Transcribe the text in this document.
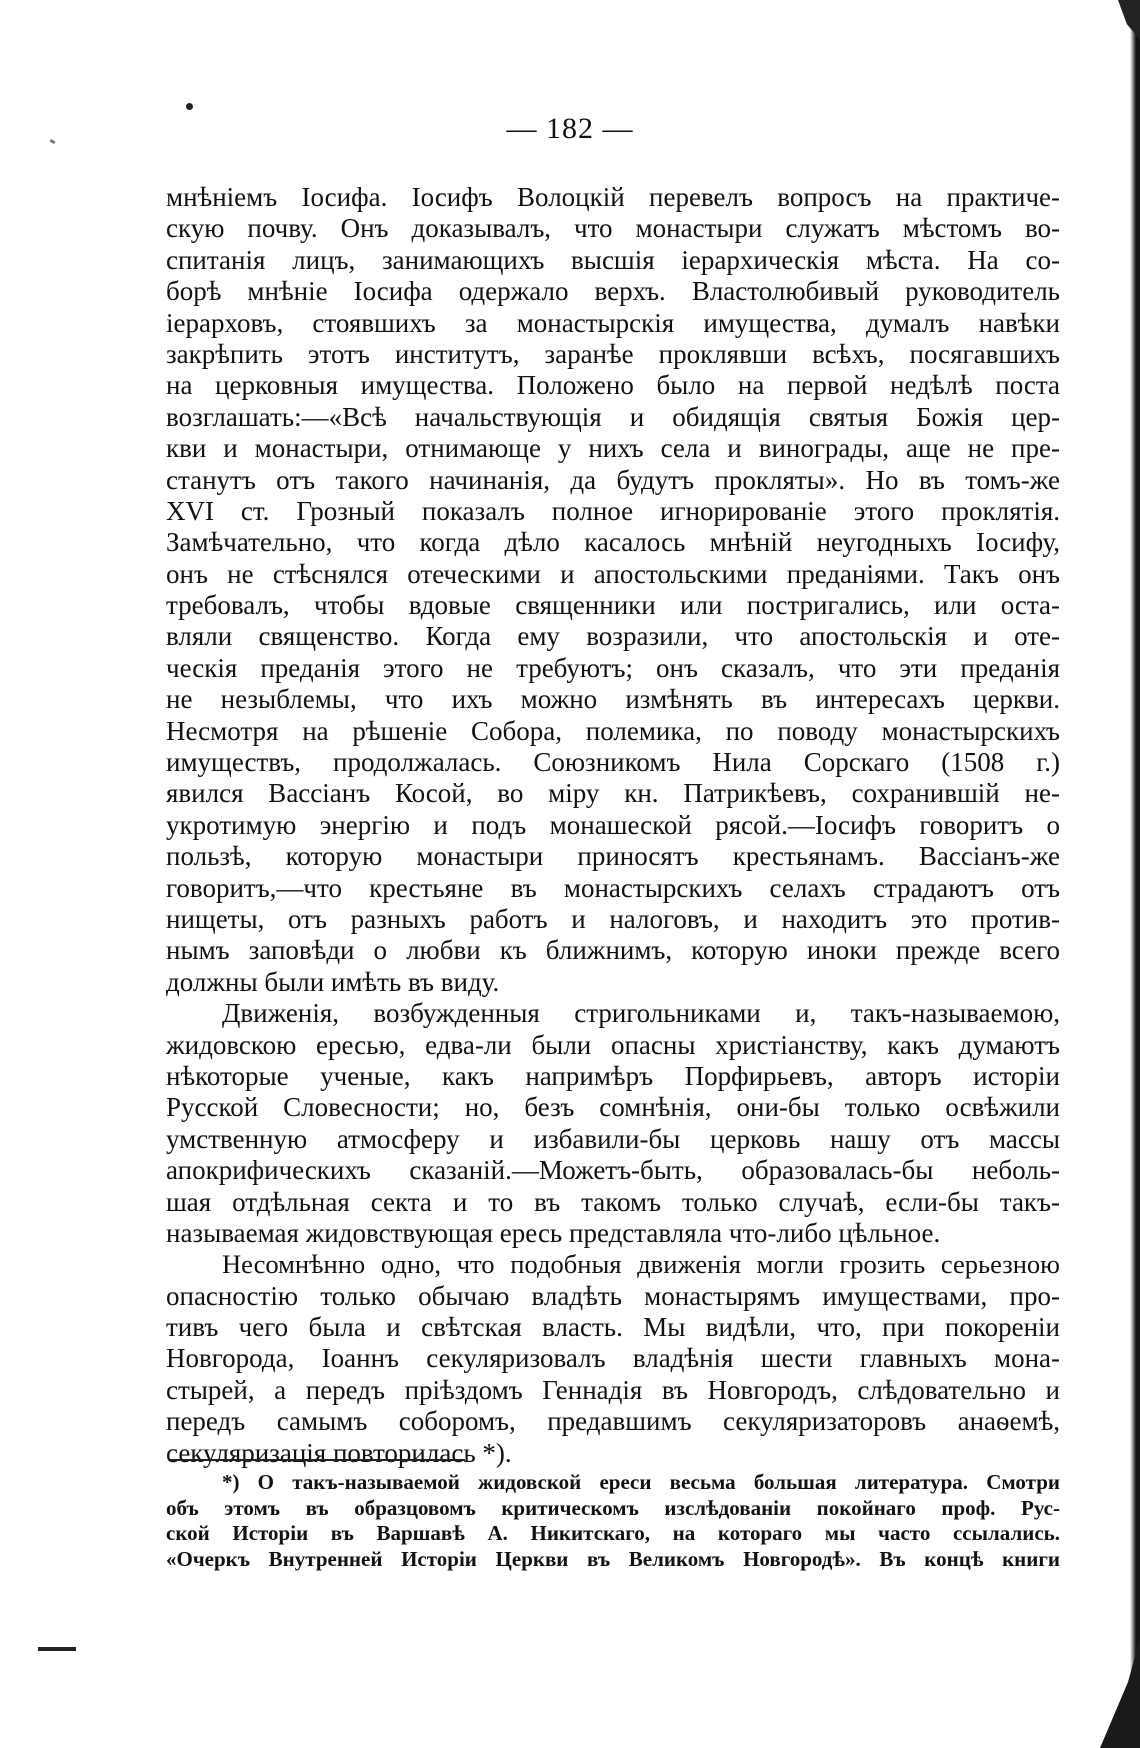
— 182 —
мнѣніемъ Іосифа. Іосифъ Волоцкій перевелъ вопросъ на практиче-
скую почву. Онъ доказывалъ, что монастыри служатъ мѣстомъ во-
спитанія лицъ, занимающихъ высшія іерархическія мѣста. На со-
борѣ мнѣніе Іосифа одержало верхъ. Властолюбивый руководитель
іерарховъ, стоявшихъ за монастырскія имущества, думалъ навѣки
закрѣпить этотъ институтъ, заранѣе проклявши всѣхъ, посягавшихъ
на церковныя имущества. Положено было на первой недѣлѣ поста
возглашать:—«Всѣ начальствующія и обидящія святыя Божія цер-
кви и монастыри, отнимающе у нихъ села и винограды, аще не пре-
станутъ отъ такого начинанія, да будутъ прокляты». Но въ томъ-же
XVI ст. Грозный показалъ полное игнорированіе этого проклятія.
Замѣчательно, что когда дѣло касалось мнѣній неугодныхъ Іосифу,
онъ не стѣснялся отеческими и апостольскими преданіями. Такъ онъ
требовалъ, чтобы вдовые священники или постригались, или оста-
вляли священство. Когда ему возразили, что апостольскія и оте-
ческія преданія этого не требуютъ; онъ сказалъ, что эти преданія
не незыблемы, что ихъ можно измѣнять въ интересахъ церкви.
Несмотря на рѣшеніе Собора, полемика, по поводу монастырскихъ
имуществъ, продолжалась. Союзникомъ Нила Сорскаго (1508 г.)
явился Вассіанъ Косой, во міру кн. Патрикѣевъ, сохранившій не-
укротимую энергію и подъ монашеской рясой.—Іосифъ говоритъ о
пользѣ, которую монастыри приносятъ крестьянамъ. Вассіанъ-же
говоритъ,—что крестьяне въ монастырскихъ селахъ страдаютъ отъ
нищеты, отъ разныхъ работъ и налоговъ, и находитъ это против-
нымъ заповѣди о любви къ ближнимъ, которую иноки прежде всего
должны были имѣть въ виду.
Движенія, возбужденныя стригольниками и, такъ-называемою,
жидовскою ересью, едва-ли были опасны христіанству, какъ думаютъ
нѣкоторые ученые, какъ напримѣръ Порфирьевъ, авторъ исторіи
Русской Словесности; но, безъ сомнѣнія, они-бы только освѣжили
умственную атмосферу и избавили-бы церковь нашу отъ массы
апокрифическихъ сказаній.—Можетъ-быть, образовалась-бы неболь-
шая отдѣльная секта и то въ такомъ только случаѣ, если-бы такъ-
называемая жидовствующая ересь представляла что-либо цѣльное.
Несомнѣнно одно, что подобныя движенія могли грозить серьезною
опасностію только обычаю владѣть монастырямъ имуществами, про-
тивъ чего была и свѣтская власть. Мы видѣли, что, при покореніи
Новгорода, Іоаннъ секуляризовалъ владѣнія шести главныхъ мона-
стырей, а передъ пріѣздомъ Геннадія въ Новгородъ, слѣдовательно и
передъ самымъ соборомъ, предавшимъ секуляризаторовъ анаѳемѣ,
секуляризація повторилась *).
*) О такъ-называемой жидовской ереси весьма большая литература. Смотри
объ этомъ въ образцовомъ критическомъ изслѣдованіи покойнаго проф. Рус-
ской Исторіи въ Варшавѣ А. Никитскаго, на котораго мы часто ссылались.
«Очеркъ Внутренней Исторіи Церкви въ Великомъ Новгородѣ». Въ концѣ книги
